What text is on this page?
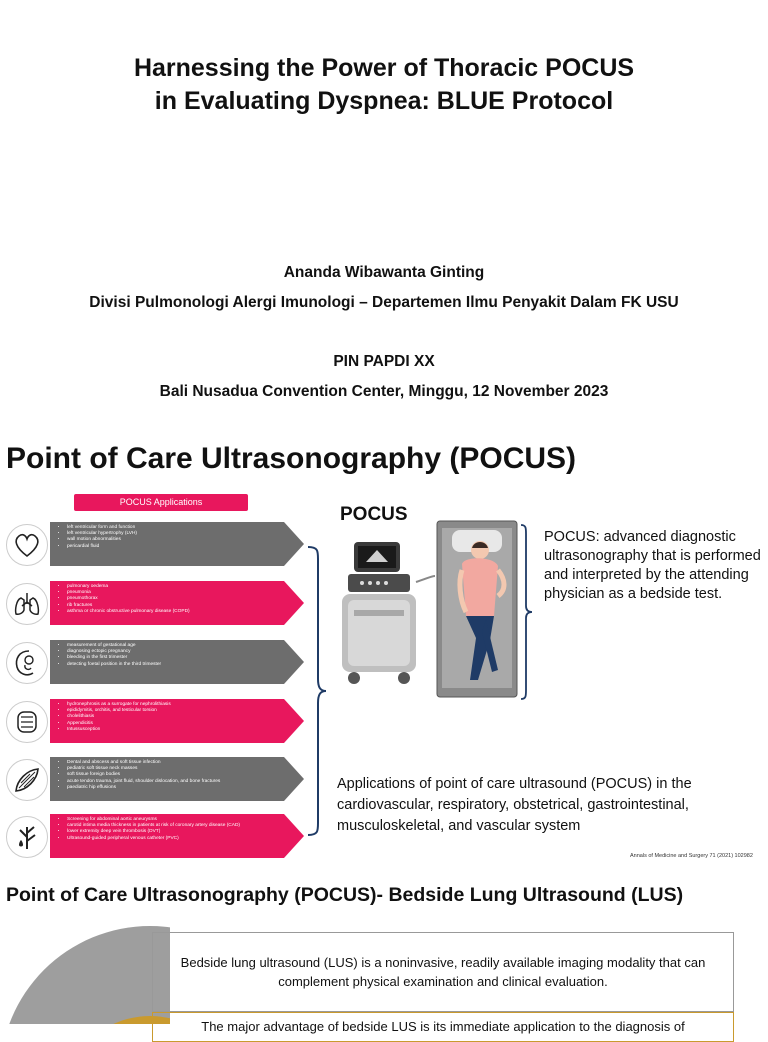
Harnessing the Power of Thoracic POCUS
in Evaluating Dyspnea: BLUE Protocol
Ananda Wibawanta Ginting
Divisi Pulmonologi Alergi Imunologi – Departemen Ilmu Penyakit Dalam FK USU
PIN PAPDI XX
Bali Nusadua Convention Center, Minggu, 12 November 2023
Point of Care Ultrasonography (POCUS)
POCUS Applications
• left ventricular form and function
• left ventricular hypertrophy (LVH)
• wall motion abnormalities
• pericardial fluid
• pulmonary oedema
• pneumonia
• pneumothorax
• rib fractures
• asthma or chronic obstructive pulmonary disease (COPD)
• measurement of gestational age
• diagnosing ectopic pregnancy
• bleeding in the first trimester
• detecting foetal position in the third trimester
• hydronephrosis as a surrogate for nephrolithiasis
• epididymitis, orchitis, and testicular torsion
• cholelithiasis
• Appendicitis
• Intussusception
• Dental and abscess and soft tissue infection
• pediatric soft tissue neck masses
• soft tissue foreign bodies
• acute tendon trauma, joint fluid, shoulder dislocation, and bone fractures
• paediatric hip effusions
• Screening for abdominal aortic aneurysms
• carotid intima media thickness in patients at risk of coronary artery disease (CAD)
• lower extremity deep vein thrombosis (DVT)
• Ultrasound-guided peripheral venous catheter (PVC)
POCUS
POCUS: advanced diagnostic ultrasonography that is performed and interpreted by the attending physician as a bedside test.
Applications of point of care ultrasound (POCUS) in the cardiovascular, respiratory, obstetrical, gastrointestinal, musculoskeletal, and vascular system
Annals of Medicine and Surgery 71 (2021) 102982
Point of Care Ultrasonography (POCUS)- Bedside Lung Ultrasound (LUS)
Bedside lung ultrasound (LUS) is a noninvasive, readily available imaging modality that can complement physical examination and clinical evaluation.
The major advantage of bedside LUS is its immediate application to the diagnosis of
